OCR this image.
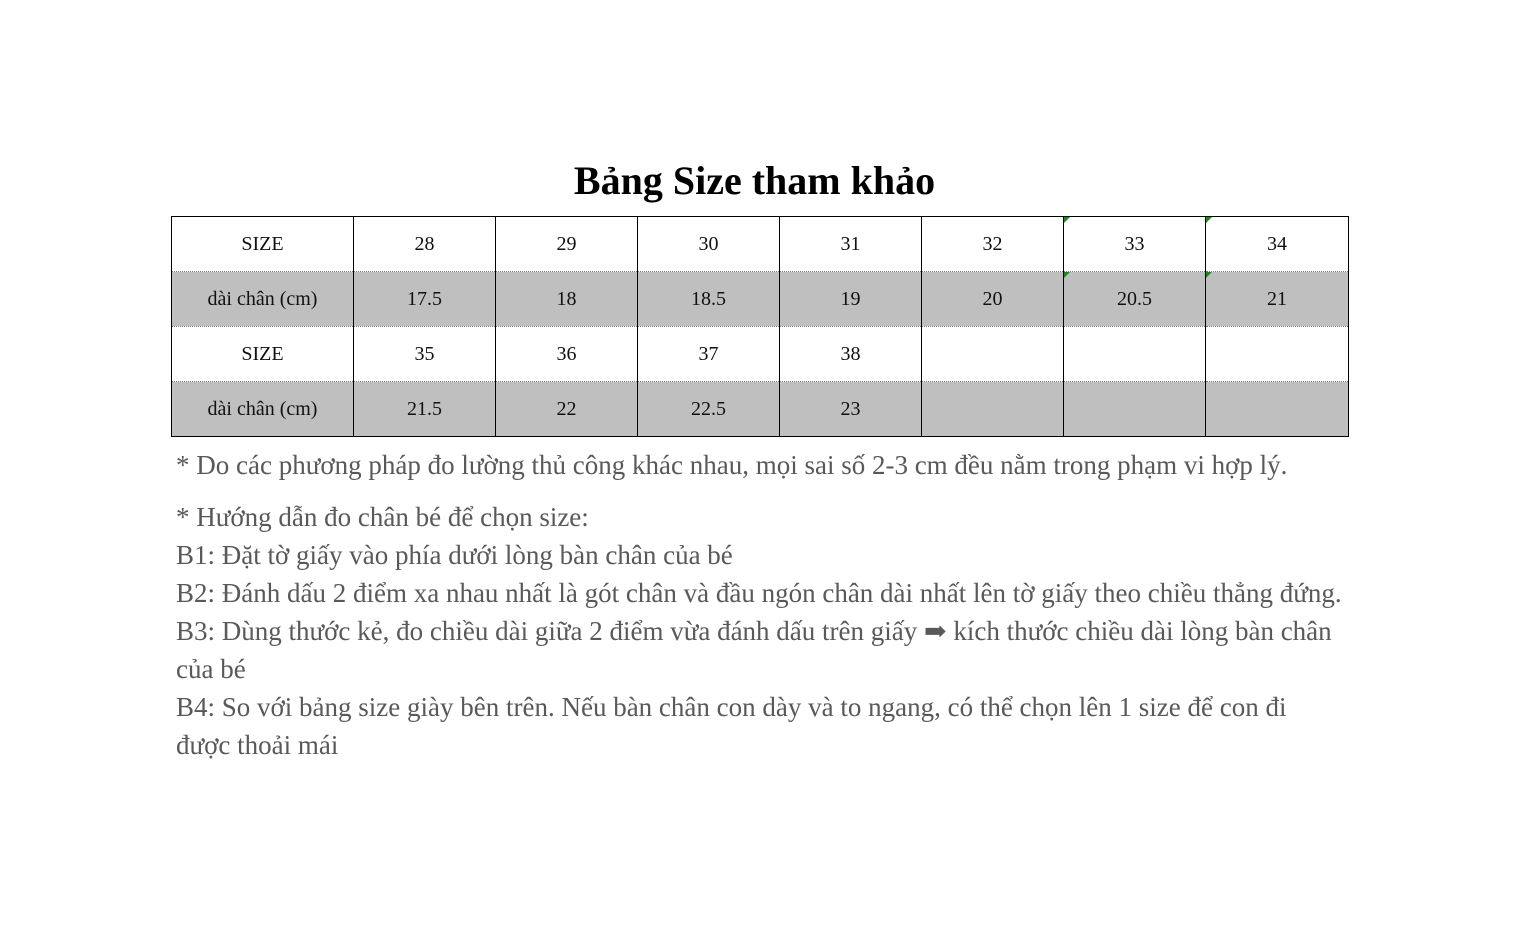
Bảng Size tham khảo
SIZE	28	29	30	31	32	33	34
dài chân (cm)	17.5	18	18.5	19	20	20.5	21
SIZE	35	36	37	38			
dài chân (cm)	21.5	22	22.5	23			

* Do các phương pháp đo lường thủ công khác nhau, mọi sai số 2-3 cm đều nằm trong phạm vi hợp lý.

* Hướng dẫn đo chân bé để chọn size:

B1: Đặt tờ giấy vào phía dưới lòng bàn chân của bé

B2: Đánh dấu 2 điểm xa nhau nhất là gót chân và đầu ngón chân dài nhất lên tờ giấy theo chiều thẳng đứng.

B3: Dùng thước kẻ, đo chiều dài giữa 2 điểm vừa đánh dấu trên giấy ➡ kích thước chiều dài lòng bàn chân của bé

B4: So với bảng size giày bên trên. Nếu bàn chân con dày và to ngang, có thể chọn lên 1 size để con đi được thoải mái
